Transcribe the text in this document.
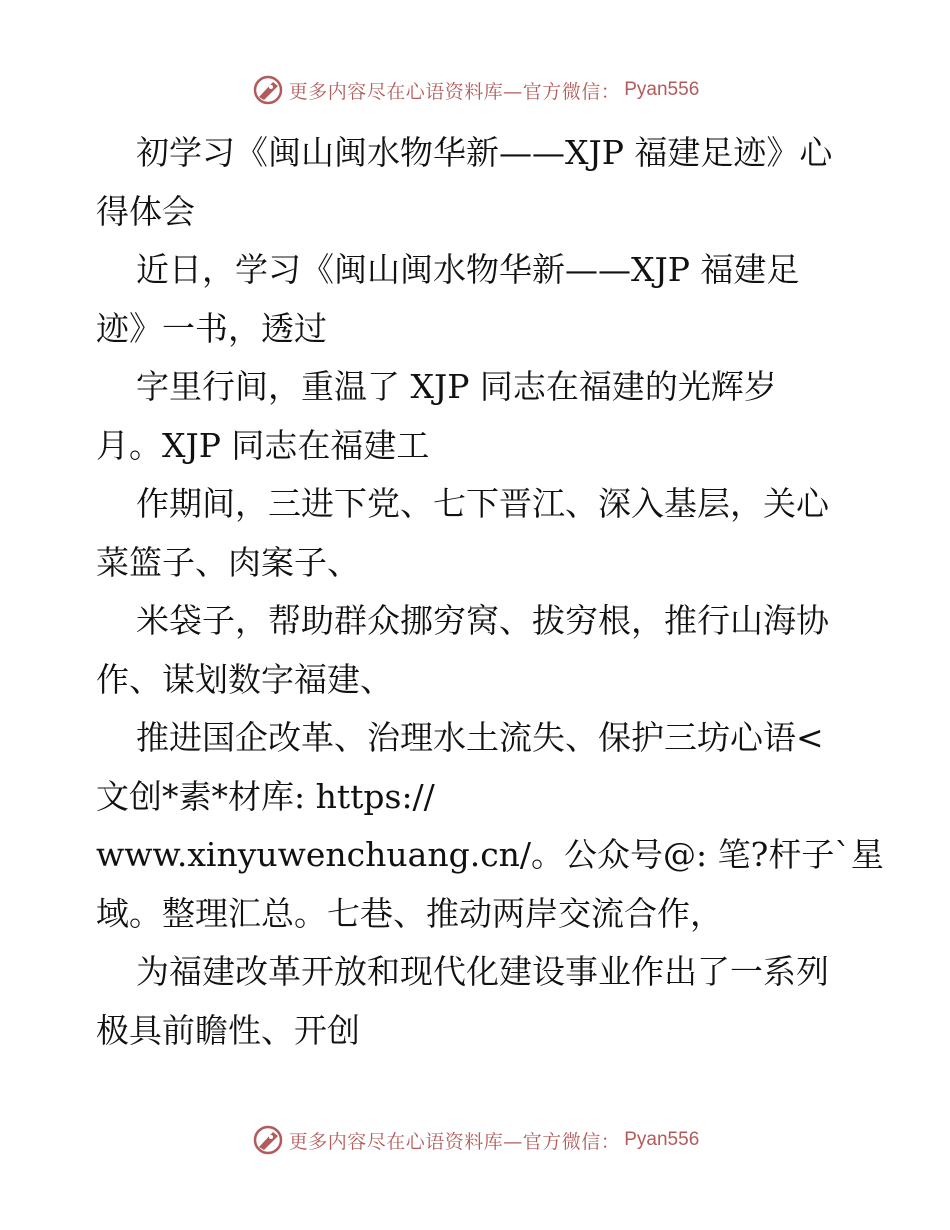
更多内容尽在心语资料库—官方微信： Pyan556
初学习《闽山闽水物华新——XJP 福建足迹》心
得体会
近日，学习《闽山闽水物华新——XJP 福建足
迹》一书，透过
字里行间，重温了 XJP 同志在福建的光辉岁
月。XJP 同志在福建工
作期间，三进下党、七下晋江、深入基层，关心
菜篮子、肉案子、
米袋子，帮助群众挪穷窝、拔穷根，推行山海协
作、谋划数字福建、
推进国企改革、治理水土流失、保护三坊心语<
文创*素*材库: https://
www.xinyuwenchuang.cn/。公众号@: 笔?杆子`星
域。整理汇总。七巷、推动两岸交流合作，
为福建改革开放和现代化建设事业作出了一系列
极具前瞻性、开创
更多内容尽在心语资料库—官方微信： Pyan556
